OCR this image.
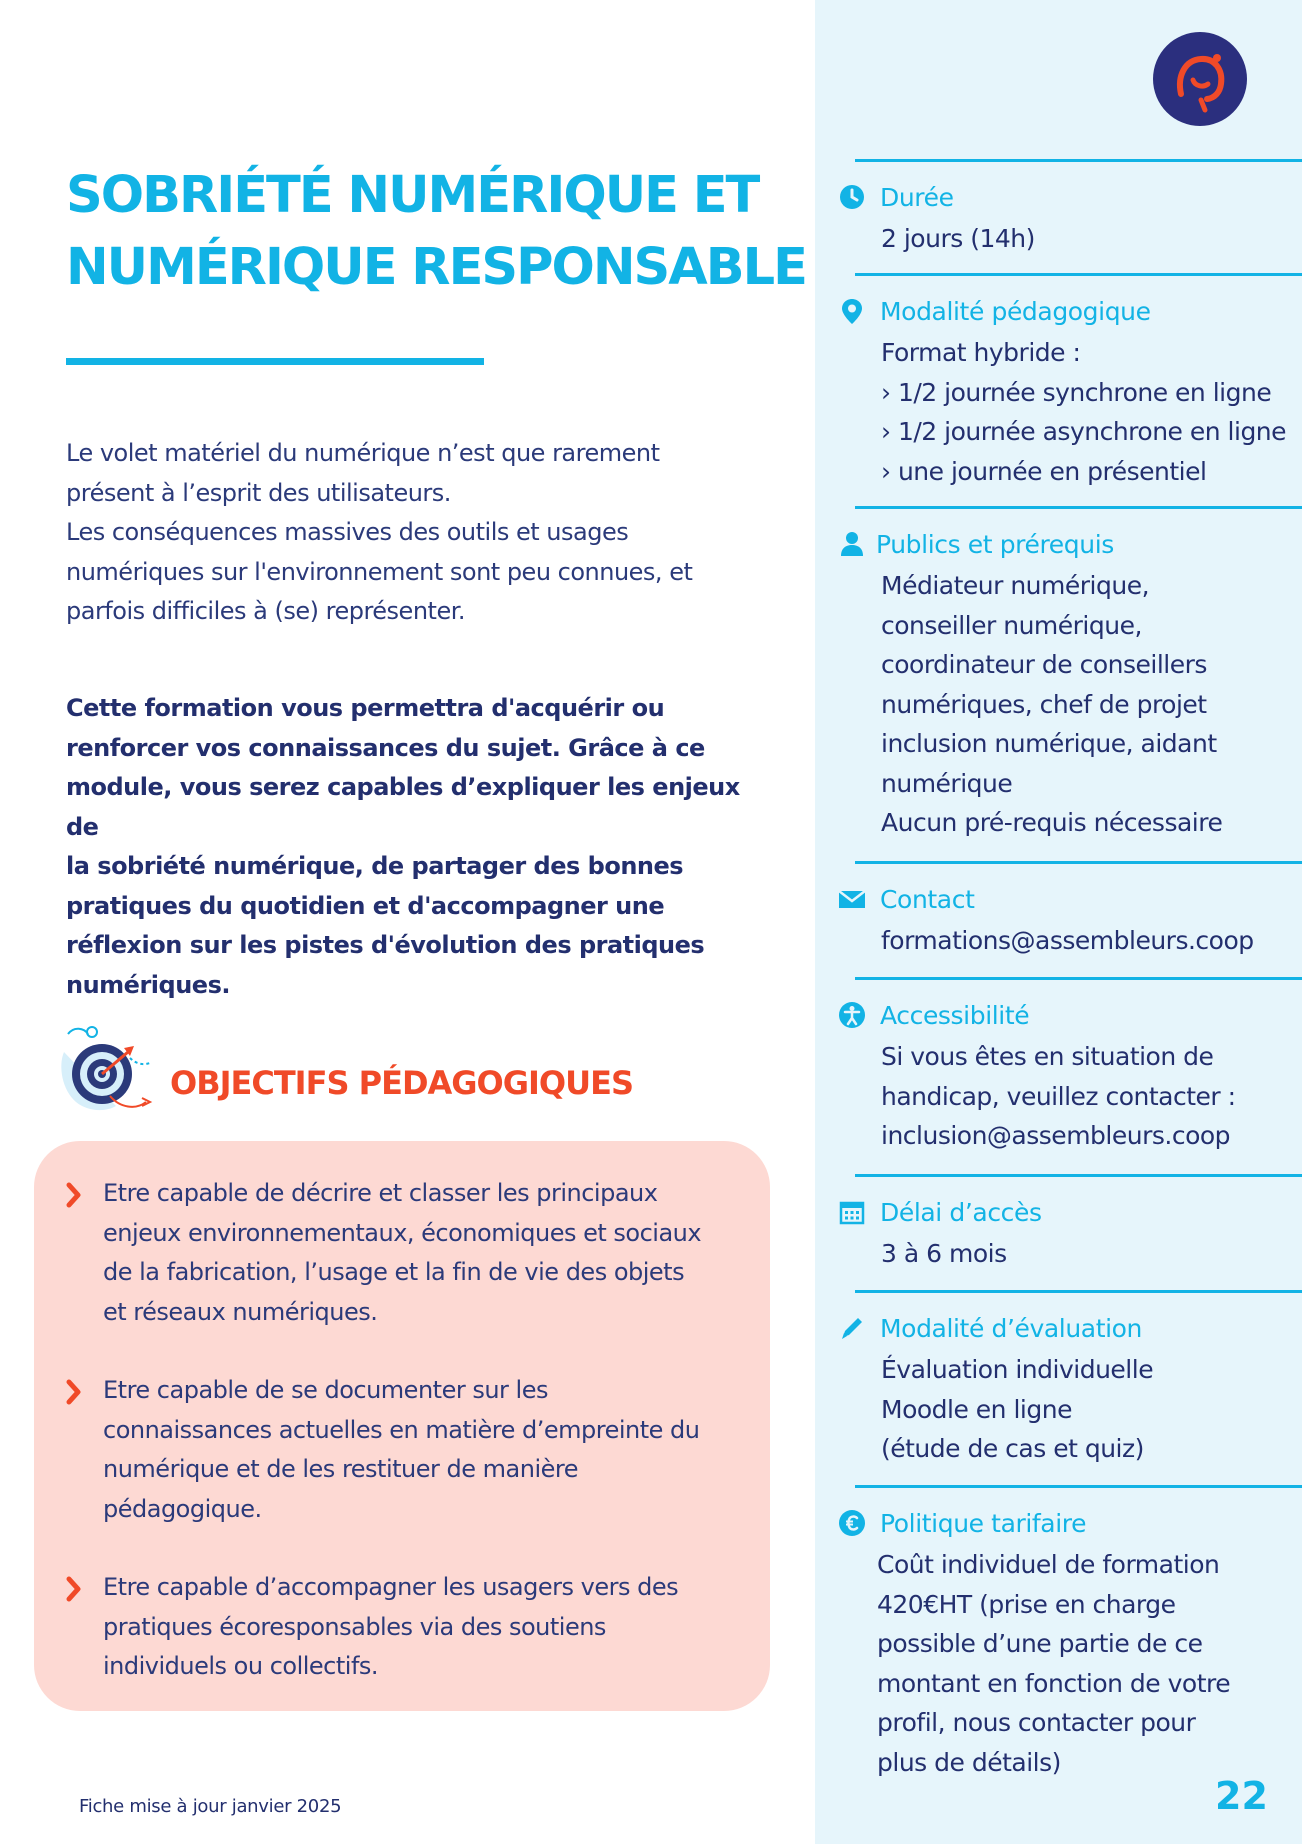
SOBRIÉTÉ NUMÉRIQUE ET
NUMÉRIQUE RESPONSABLE
Le volet matériel du numérique n’est que rarement
présent à l’esprit des utilisateurs.
Les conséquences massives des outils et usages
numériques sur l'environnement sont peu connues, et
parfois difficiles à (se) représenter.
Cette formation vous permettra d'acquérir ou
renforcer vos connaissances du sujet. Grâce à ce
module, vous serez capables d’expliquer les enjeux de
la sobriété numérique, de partager des bonnes
pratiques du quotidien et d'accompagner une
réflexion sur les pistes d'évolution des pratiques
numériques.
OBJECTIFS PÉDAGOGIQUES
Etre capable de décrire et classer les principaux
enjeux environnementaux, économiques et sociaux
de la fabrication, l’usage et la fin de vie des objets
et réseaux numériques.
Etre capable de se documenter sur les
connaissances actuelles en matière d’empreinte du
numérique et de les restituer de manière
pédagogique.
Etre capable d’accompagner les usagers vers des
pratiques écoresponsables via des soutiens
individuels ou collectifs.
Durée
2 jours (14h)
Modalité pédagogique
Format hybride :
› 1/2 journée synchrone en ligne
› 1/2 journée asynchrone en ligne
› une journée en présentiel
Publics et prérequis
Médiateur numérique,
conseiller numérique,
coordinateur de conseillers
numériques, chef de projet
inclusion numérique, aidant
numérique
Aucun pré-requis nécessaire
Contact
formations@assembleurs.coop
Accessibilité
Si vous êtes en situation de
handicap, veuillez contacter :
inclusion@assembleurs.coop
Délai d’accès
3 à 6 mois
Modalité d’évaluation
Évaluation individuelle
Moodle en ligne
(étude de cas et quiz)
Politique tarifaire
Coût individuel de formation
420€HT (prise en charge
possible d’une partie de ce
montant en fonction de votre
profil, nous contacter pour
plus de détails)
Fiche mise à jour janvier 2025	22
